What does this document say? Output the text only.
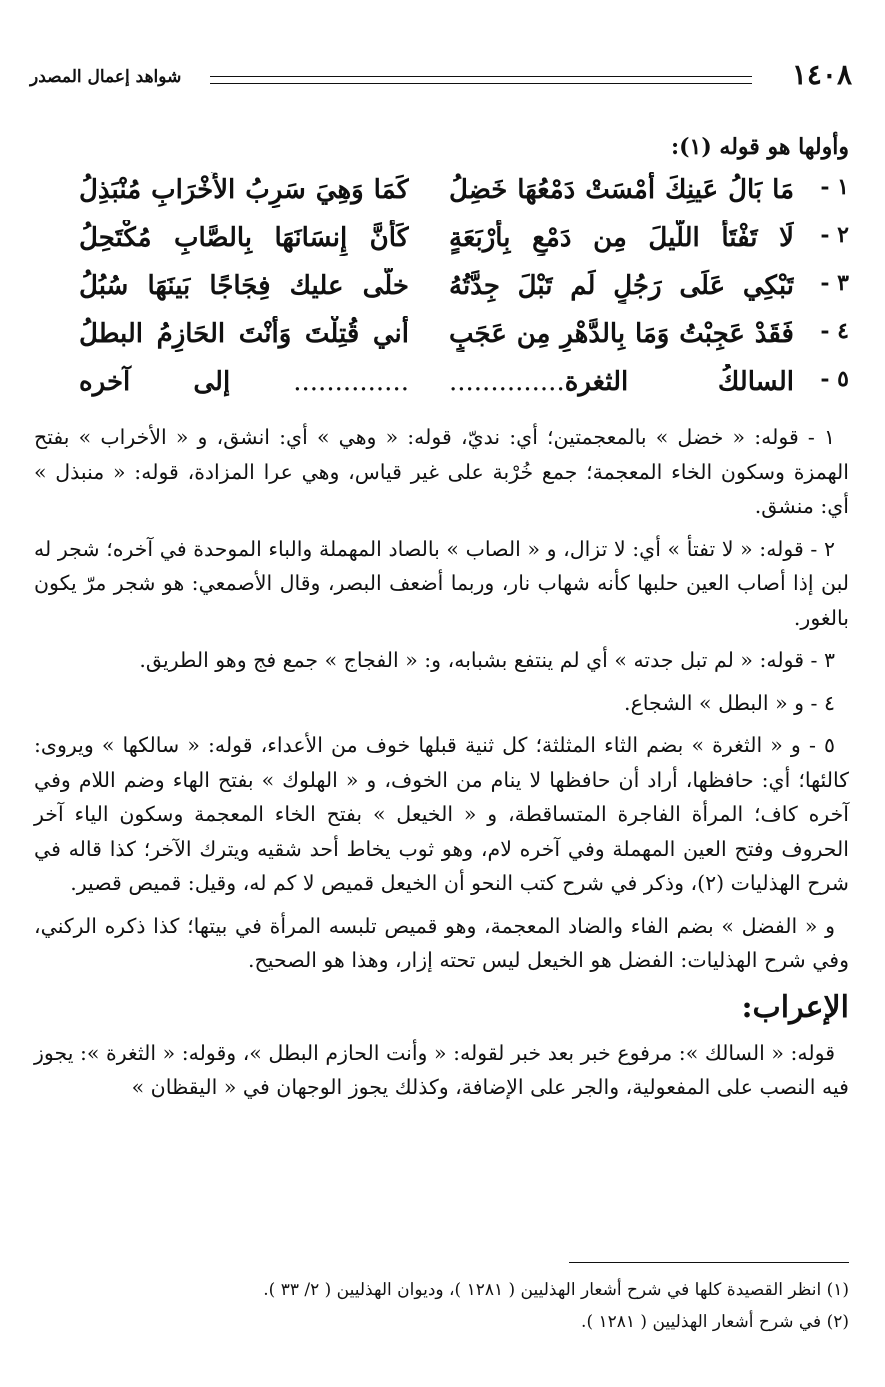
١٤٠٨
شواهد إعمال المصدر
وأولها هو قوله (١):
١ -
مَا بَالُ عَينِكَ أَمْسَتْ دَمْعُهَا خَضِلُ
كَمَا وَهِيَ سَرِبُ الأَخْرَابِ مُنْبَذِلُ
٢ -
لَا تَفْتَأُ اللَّيلَ مِن دَمْعٍ بِأَرْبَعَةٍ
كَأَنَّ إِنسَانَهَا بِالصَّابِ مُكْتَحِلُ
٣ -
تَبْكِي عَلَى رَجُلٍ لَم تَبْلَ جِدَّتُهُ
خلَّى عليك فِجَاجًا بَينَهَا سُبُلُ
٤ -
فَقَدْ عَجِبْتُ وَمَا بِالدَّهْرِ مِن عَجَبٍ
أني قُتِلْتَ وَأَنْتَ الحَازِمُ البطلُ
٥ -
السالكُ الثغرة..............
.............. إلى آخره

١ - قوله: « خضل » بالمعجمتين؛ أي: نديّ، قوله: « وهي » أي: انشق، و « الأخراب » بفتح الهمزة وسكون الخاء المعجمة؛ جمع خُرْبة على غير قياس، وهي عرا المزادة، قوله: « منبذل » أي: منشق.

٢ - قوله: « لا تفتأ » أي: لا تزال، و « الصاب » بالصاد المهملة والباء الموحدة في آخره؛ شجر له لبن إذا أصاب العين حلبها كأنه شهاب نار، وربما أضعف البصر، وقال الأصمعي: هو شجر مرّ يكون بالغور.

٣ - قوله: « لم تبل جدته » أي لم ينتفع بشبابه، و: « الفجاج » جمع فج وهو الطريق.

٤ - و « البطل » الشجاع.

٥ - و « الثغرة » بضم الثاء المثلثة؛ كل ثنية قبلها خوف من الأعداء، قوله: « سالكها » ويروى: كالئها؛ أي: حافظها، أراد أن حافظها لا ينام من الخوف، و « الهلوك » بفتح الهاء وضم اللام وفي آخره كاف؛ المرأة الفاجرة المتساقطة، و « الخيعل » بفتح الخاء المعجمة وسكون الياء آخر الحروف وفتح العين المهملة وفي آخره لام، وهو ثوب يخاط أحد شقيه ويترك الآخر؛ كذا قاله في شرح الهذليات (٢)، وذكر في شرح كتب النحو أن الخيعل قميص لا كم له، وقيل: قميص قصير.

و « الفضل » بضم الفاء والضاد المعجمة، وهو قميص تلبسه المرأة في بيتها؛ كذا ذكره الركني، وفي شرح الهذليات: الفضل هو الخيعل ليس تحته إزار، وهذا هو الصحيح.

الإعراب:

قوله: « السالك »: مرفوع خبر بعد خبر لقوله: « وأنت الحازم البطل »، وقوله: « الثغرة »: يجوز فيه النصب على المفعولية، والجر على الإضافة، وكذلك يجوز الوجهان في « اليقظان »

(١) انظر القصيدة كلها في شرح أشعار الهذليين ( ١٢٨١ )، وديوان الهذليين ( ٢/ ٣٣ ).

(٢) في شرح أشعار الهذليين ( ١٢٨١ ).
